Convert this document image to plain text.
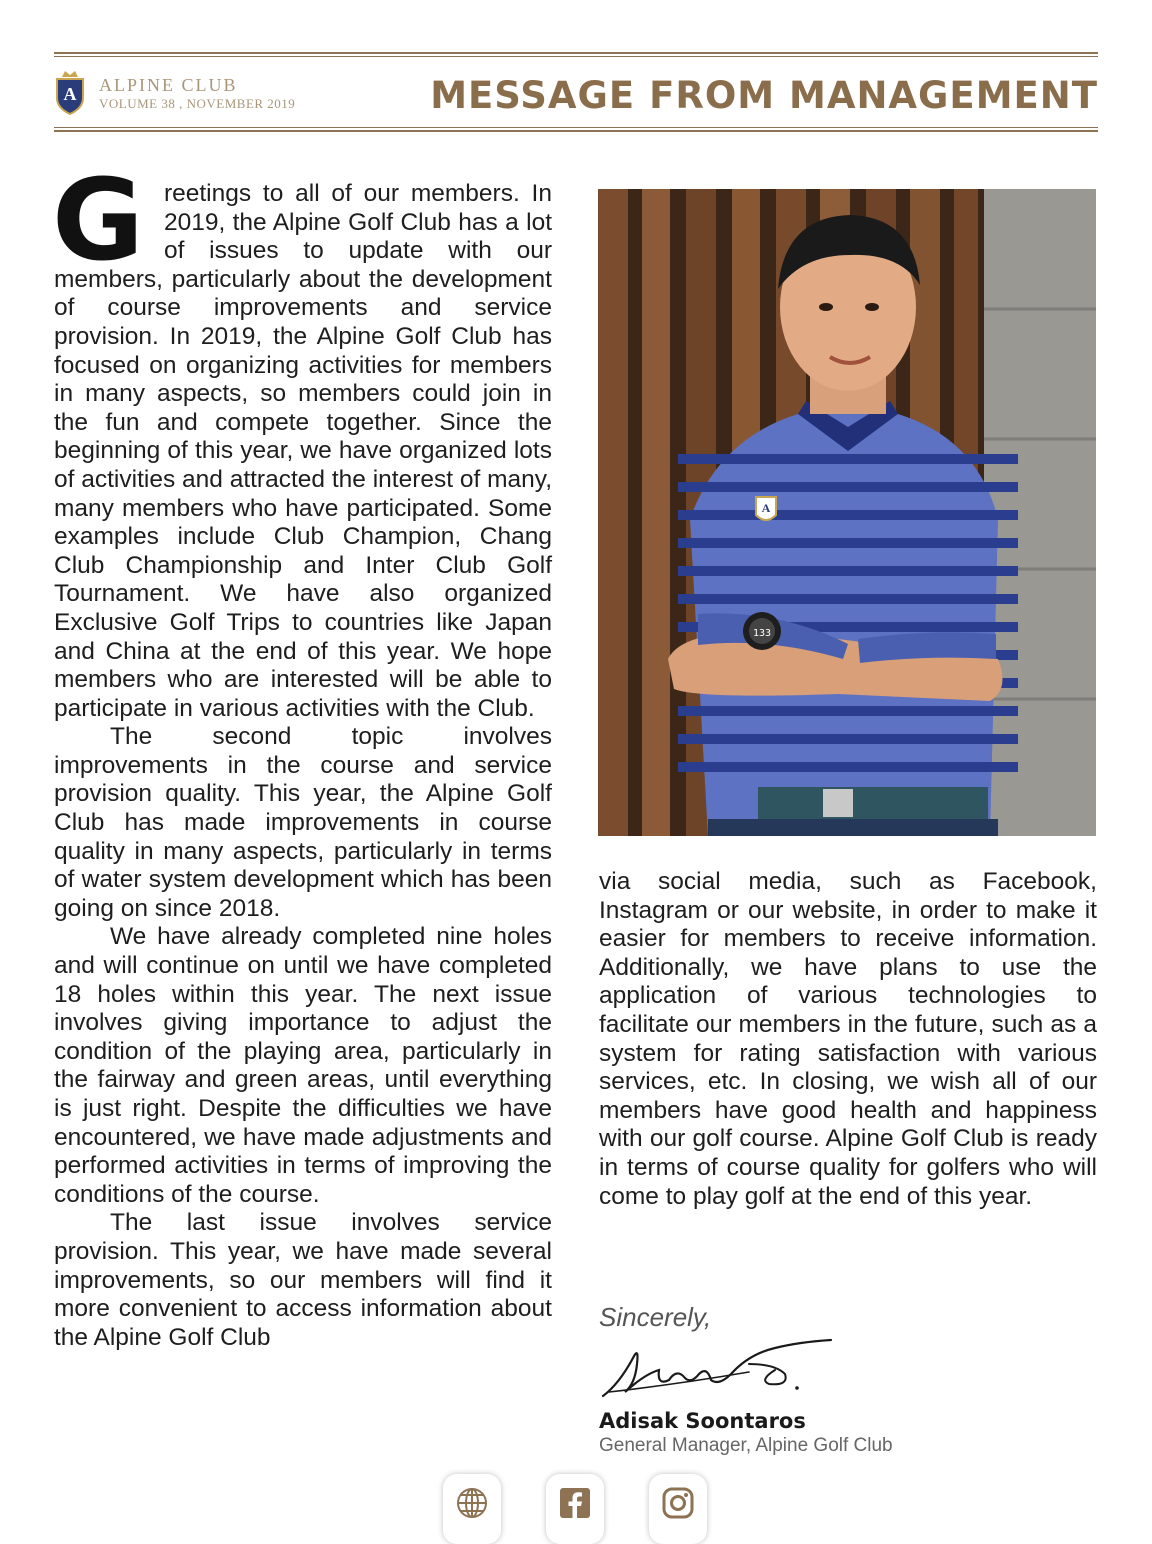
A ALPINE CLUB
VOLUME 38 , NOVEMBER 2019	MESSAGE FROM MANAGEMENT

Greetings to all of our members. In 2019, the Alpine Golf Club has a lot of issues to update with our members, particularly about the development of course improvements and service provision. In 2019, the Alpine Golf Club has focused on organizing activities for members in many aspects, so members could join in the fun and compete together. Since the beginning of this year, we have organized lots of activities and attracted the interest of many, many members who have participated. Some examples include Club Champion, Chang Club Championship and Inter Club Golf Tournament. We have also organized Exclusive Golf Trips to countries like Japan and China at the end of this year. We hope members who are interested will be able to participate in various activities with the Club.

The second topic involves improvements in the course and service provision quality. This year, the Alpine Golf Club has made improvements in course quality in many aspects, particularly in terms of water system development which has been going on since 2018.

We have already completed nine holes and will continue on until we have completed 18 holes within this year. The next issue involves giving importance to adjust the condition of the playing area, particularly in the fairway and green areas, until everything is just right. Despite the difficulties we have encountered, we have made adjustments and performed activities in terms of improving the conditions of the course.

The last issue involves service provision. This year, we have made several improvements, so our members will find it more convenient to access information about the Alpine Golf Club

133
A

via social media, such as Facebook, Instagram or our website, in order to make it easier for members to receive information. Additionally, we have plans to use the application of various technologies to facilitate our members in the future, such as a system for rating satisfaction with various services, etc. In closing, we wish all of our members have good health and happiness with our golf course. Alpine Golf Club is ready in terms of course quality for golfers who will come to play golf at the end of this year.

Sincerely,
Adisak Soontaros
General Manager, Alpine Golf Club
